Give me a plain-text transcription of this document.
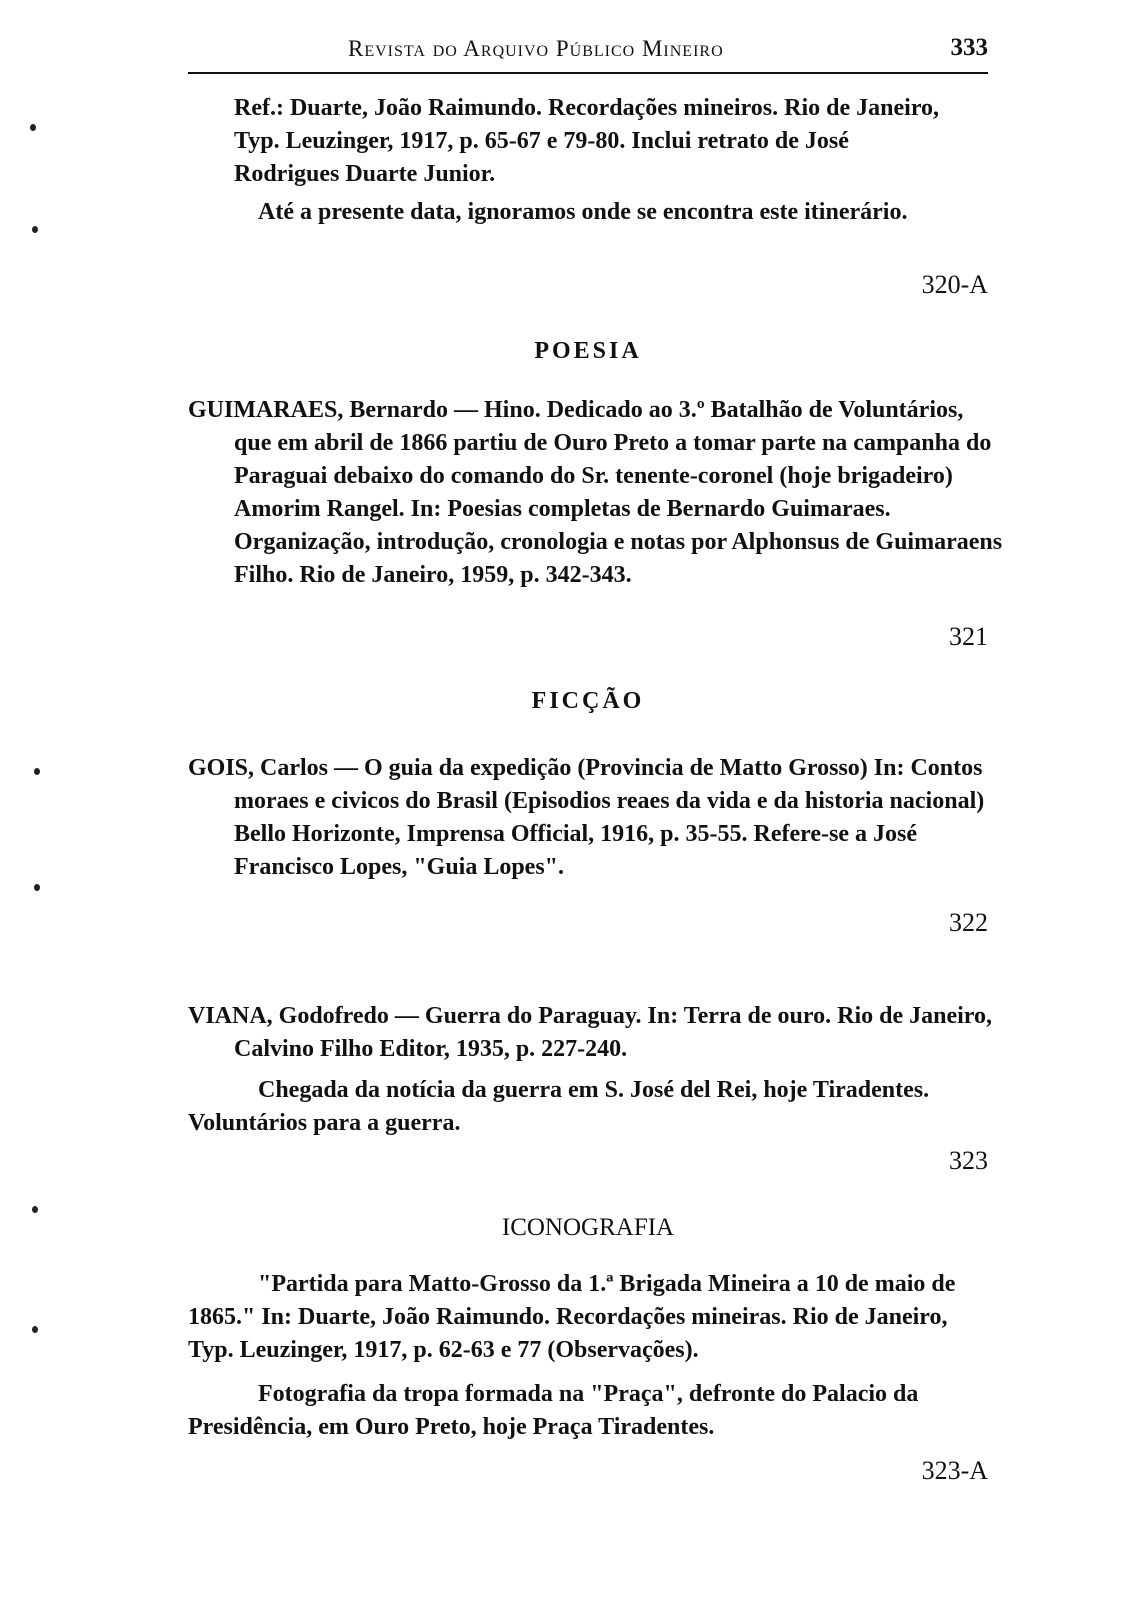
Revista do Arquivo Público Mineiro	333

Ref.: Duarte, João Raimundo. Recordações mineiros. Rio de Janeiro, Typ. Leuzinger, 1917, p. 65-67 e 79-80. Inclui retrato de José Rodrigues Duarte Junior.

Até a presente data, ignoramos onde se encontra este itinerário.

320-A
POESIA

GUIMARAES, Bernardo — Hino. Dedicado ao 3.º Batalhão de Voluntários, que em abril de 1866 partiu de Ouro Preto a tomar parte na campanha do Paraguai debaixo do comando do Sr. tenente-coronel (hoje brigadeiro) Amorim Rangel. In: Poesias completas de Bernardo Guimaraes. Organização, introdução, cronologia e notas por Alphonsus de Guimaraens Filho. Rio de Janeiro, 1959, p. 342-343.

321
FICÇÃO

GOIS, Carlos — O guia da expedição (Provincia de Matto Grosso) In: Contos moraes e civicos do Brasil (Episodios reaes da vida e da historia nacional) Bello Horizonte, Imprensa Official, 1916, p. 35-55. Refere-se a José Francisco Lopes, "Guia Lopes".

322

VIANA, Godofredo — Guerra do Paraguay. In: Terra de ouro. Rio de Janeiro, Calvino Filho Editor, 1935, p. 227-240.

Chegada da notícia da guerra em S. José del Rei, hoje Tiradentes. Voluntários para a guerra.

323
ICONOGRAFIA

"Partida para Matto-Grosso da 1.ª Brigada Mineira a 10 de maio de 1865." In: Duarte, João Raimundo. Recordações mineiras. Rio de Janeiro, Typ. Leuzinger, 1917, p. 62-63 e 77 (Observações).

Fotografia da tropa formada na "Praça", defronte do Palacio da Presidência, em Ouro Preto, hoje Praça Tiradentes.

323-A
